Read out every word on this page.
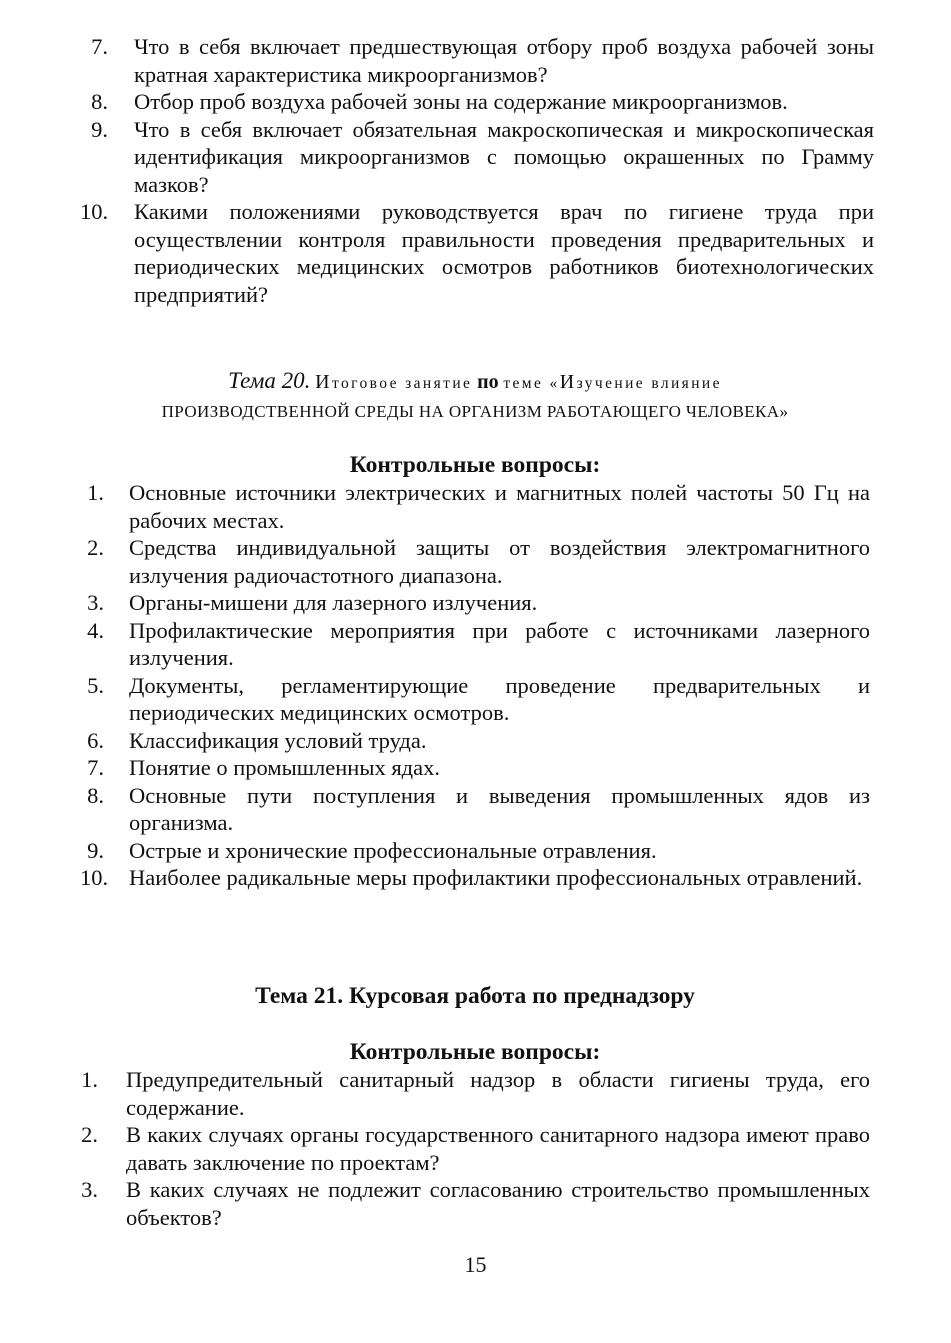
7. Что в себя включает предшествующая отбору проб воздуха рабочей зоны кратная характеристика микроорганизмов?
8. Отбор проб воздуха рабочей зоны на содержание микроорганизмов.
9. Что в себя включает обязательная макроскопическая и микроскопическая идентификация микроорганизмов с помощью окрашенных по Грамму мазков?
10. Какими положениями руководствуется врач по гигиене труда при осуществлении контроля правильности проведения предварительных и периодических медицинских осмотров работников биотехнологических предприятий?
Тема 20. Итоговое занятие по теме «Изучение влияние
ПРОИЗВОДСТВЕННОЙ СРЕДЫ НА ОРГАНИЗМ РАБОТАЮЩЕГО ЧЕЛОВЕКА»
Контрольные вопросы:
1. Основные источники электрических и магнитных полей частоты 50 Гц на рабочих местах.
2. Средства индивидуальной защиты от воздействия электромагнитного излучения радиочастотного диапазона.
3. Органы-мишени для лазерного излучения.
4. Профилактические мероприятия при работе с источниками лазерного излучения.
5. Документы, регламентирующие проведение предварительных и периодических медицинских осмотров.
6. Классификация условий труда.
7. Понятие о промышленных ядах.
8. Основные пути поступления и выведения промышленных ядов из организма.
9. Острые и хронические профессиональные отравления.
10. Наиболее радикальные меры профилактики профессиональных отравлений.
Тема 21. Курсовая работа по преднадзору
Контрольные вопросы:
1. Предупредительный санитарный надзор в области гигиены труда, его содержание.
2. В каких случаях органы государственного санитарного надзора имеют право давать заключение по проектам?
3. В каких случаях не подлежит согласованию строительство промышленных объектов?
15
